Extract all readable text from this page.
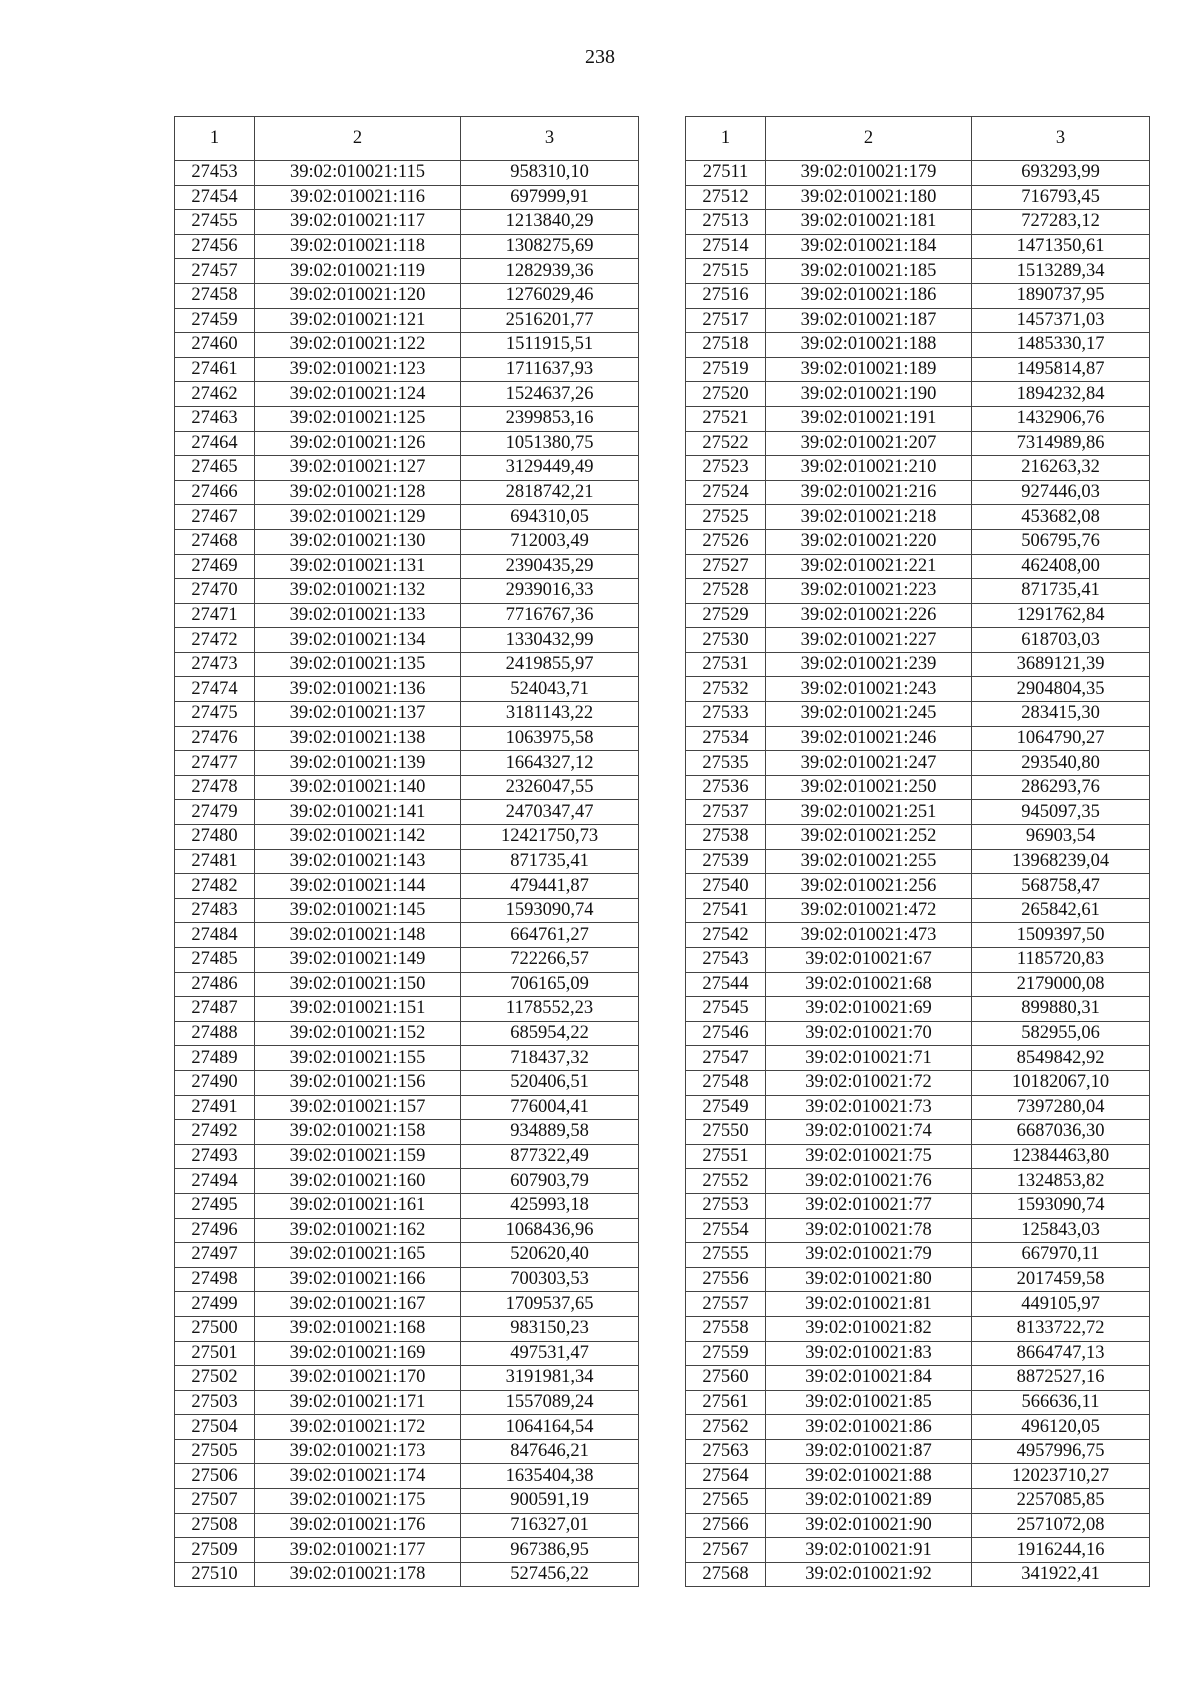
238
1	2	3
27453	39:02:010021:115	958310,10
27454	39:02:010021:116	697999,91
27455	39:02:010021:117	1213840,29
27456	39:02:010021:118	1308275,69
27457	39:02:010021:119	1282939,36
27458	39:02:010021:120	1276029,46
27459	39:02:010021:121	2516201,77
27460	39:02:010021:122	1511915,51
27461	39:02:010021:123	1711637,93
27462	39:02:010021:124	1524637,26
27463	39:02:010021:125	2399853,16
27464	39:02:010021:126	1051380,75
27465	39:02:010021:127	3129449,49
27466	39:02:010021:128	2818742,21
27467	39:02:010021:129	694310,05
27468	39:02:010021:130	712003,49
27469	39:02:010021:131	2390435,29
27470	39:02:010021:132	2939016,33
27471	39:02:010021:133	7716767,36
27472	39:02:010021:134	1330432,99
27473	39:02:010021:135	2419855,97
27474	39:02:010021:136	524043,71
27475	39:02:010021:137	3181143,22
27476	39:02:010021:138	1063975,58
27477	39:02:010021:139	1664327,12
27478	39:02:010021:140	2326047,55
27479	39:02:010021:141	2470347,47
27480	39:02:010021:142	12421750,73
27481	39:02:010021:143	871735,41
27482	39:02:010021:144	479441,87
27483	39:02:010021:145	1593090,74
27484	39:02:010021:148	664761,27
27485	39:02:010021:149	722266,57
27486	39:02:010021:150	706165,09
27487	39:02:010021:151	1178552,23
27488	39:02:010021:152	685954,22
27489	39:02:010021:155	718437,32
27490	39:02:010021:156	520406,51
27491	39:02:010021:157	776004,41
27492	39:02:010021:158	934889,58
27493	39:02:010021:159	877322,49
27494	39:02:010021:160	607903,79
27495	39:02:010021:161	425993,18
27496	39:02:010021:162	1068436,96
27497	39:02:010021:165	520620,40
27498	39:02:010021:166	700303,53
27499	39:02:010021:167	1709537,65
27500	39:02:010021:168	983150,23
27501	39:02:010021:169	497531,47
27502	39:02:010021:170	3191981,34
27503	39:02:010021:171	1557089,24
27504	39:02:010021:172	1064164,54
27505	39:02:010021:173	847646,21
27506	39:02:010021:174	1635404,38
27507	39:02:010021:175	900591,19
27508	39:02:010021:176	716327,01
27509	39:02:010021:177	967386,95
27510	39:02:010021:178	527456,22
1	2	3
27511	39:02:010021:179	693293,99
27512	39:02:010021:180	716793,45
27513	39:02:010021:181	727283,12
27514	39:02:010021:184	1471350,61
27515	39:02:010021:185	1513289,34
27516	39:02:010021:186	1890737,95
27517	39:02:010021:187	1457371,03
27518	39:02:010021:188	1485330,17
27519	39:02:010021:189	1495814,87
27520	39:02:010021:190	1894232,84
27521	39:02:010021:191	1432906,76
27522	39:02:010021:207	7314989,86
27523	39:02:010021:210	216263,32
27524	39:02:010021:216	927446,03
27525	39:02:010021:218	453682,08
27526	39:02:010021:220	506795,76
27527	39:02:010021:221	462408,00
27528	39:02:010021:223	871735,41
27529	39:02:010021:226	1291762,84
27530	39:02:010021:227	618703,03
27531	39:02:010021:239	3689121,39
27532	39:02:010021:243	2904804,35
27533	39:02:010021:245	283415,30
27534	39:02:010021:246	1064790,27
27535	39:02:010021:247	293540,80
27536	39:02:010021:250	286293,76
27537	39:02:010021:251	945097,35
27538	39:02:010021:252	96903,54
27539	39:02:010021:255	13968239,04
27540	39:02:010021:256	568758,47
27541	39:02:010021:472	265842,61
27542	39:02:010021:473	1509397,50
27543	39:02:010021:67	1185720,83
27544	39:02:010021:68	2179000,08
27545	39:02:010021:69	899880,31
27546	39:02:010021:70	582955,06
27547	39:02:010021:71	8549842,92
27548	39:02:010021:72	10182067,10
27549	39:02:010021:73	7397280,04
27550	39:02:010021:74	6687036,30
27551	39:02:010021:75	12384463,80
27552	39:02:010021:76	1324853,82
27553	39:02:010021:77	1593090,74
27554	39:02:010021:78	125843,03
27555	39:02:010021:79	667970,11
27556	39:02:010021:80	2017459,58
27557	39:02:010021:81	449105,97
27558	39:02:010021:82	8133722,72
27559	39:02:010021:83	8664747,13
27560	39:02:010021:84	8872527,16
27561	39:02:010021:85	566636,11
27562	39:02:010021:86	496120,05
27563	39:02:010021:87	4957996,75
27564	39:02:010021:88	12023710,27
27565	39:02:010021:89	2257085,85
27566	39:02:010021:90	2571072,08
27567	39:02:010021:91	1916244,16
27568	39:02:010021:92	341922,41
